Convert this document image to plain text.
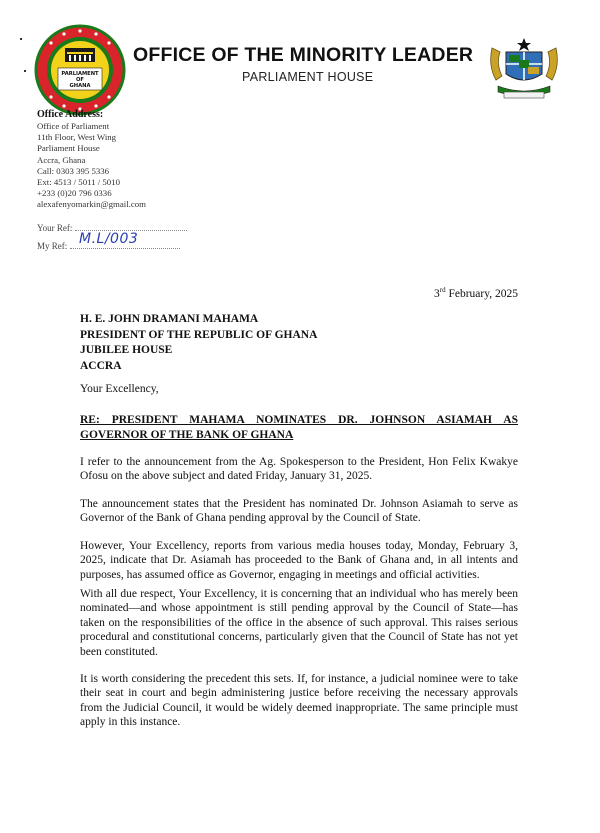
PARLIAMENT
OF
GHANA
OFFICE OF THE MINORITY LEADER
PARLIAMENT HOUSE
Office Address:
Office of Parliament
11th Floor, West Wing
Parliament House
Accra, Ghana
Call: 0303 395 5336
Ext: 4513 / 5011 / 5010
+233 (0)20 796 0336
alexafenyomarkin@gmail.com
Your Ref:
M.L/003
My Ref:
3rd February, 2025
H. E. JOHN DRAMANI MAHAMA
PRESIDENT OF THE REPUBLIC OF GHANA
JUBILEE HOUSE
ACCRA
Your Excellency,
RE: PRESIDENT MAHAMA NOMINATES DR. JOHNSON ASIAMAH AS GOVERNOR OF THE BANK OF GHANA
I refer to the announcement from the Ag. Spokesperson to the President, Hon Felix Kwakye Ofosu on the above subject and dated Friday, January 31, 2025.
The announcement states that the President has nominated Dr. Johnson Asiamah to serve as Governor of the Bank of Ghana pending approval by the Council of State.
However, Your Excellency, reports from various media houses today, Monday, February 3, 2025, indicate that Dr. Asiamah has proceeded to the Bank of Ghana and, in all intents and purposes, has assumed office as Governor, engaging in meetings and official activities.
With all due respect, Your Excellency, it is concerning that an individual who has merely been nominated—and whose appointment is still pending approval by the Council of State—has taken on the responsibilities of the office in the absence of such approval. This raises serious procedural and constitutional concerns, particularly given that the Council of State has not yet been constituted.
It is worth considering the precedent this sets. If, for instance, a judicial nominee were to take their seat in court and begin administering justice before receiving the necessary approvals from the Judicial Council, it would be widely deemed inappropriate. The same principle must apply in this instance.
